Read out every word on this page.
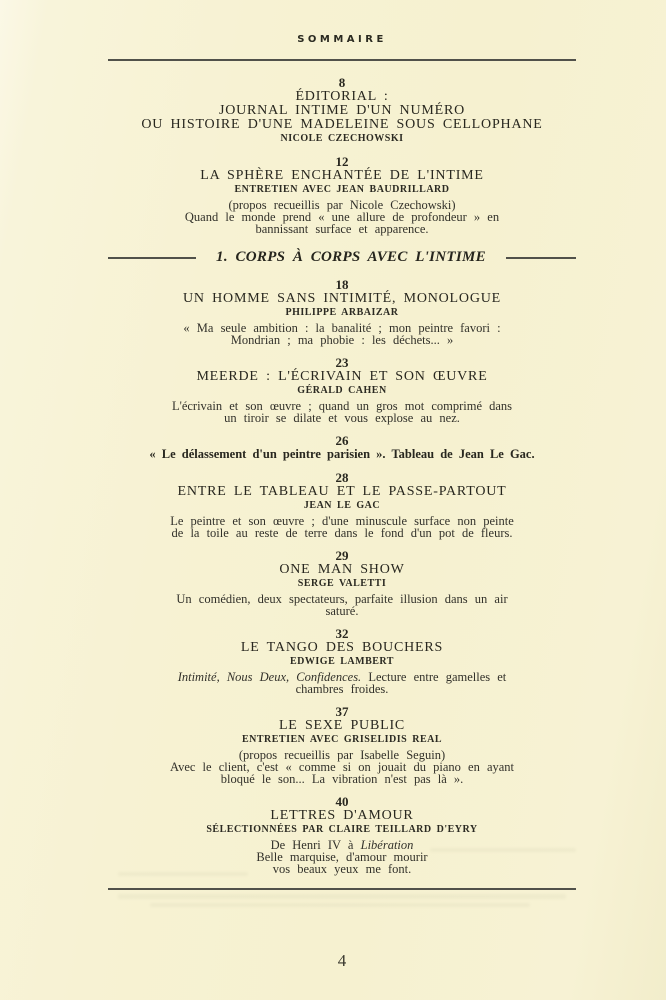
SOMMAIRE
8
ÉDITORIAL :
JOURNAL INTIME D'UN NUMÉRO
OU HISTOIRE D'UNE MADELEINE SOUS CELLOPHANE
NICOLE CZECHOWSKI
12
LA SPHÈRE ENCHANTÉE DE L'INTIME
ENTRETIEN AVEC JEAN BAUDRILLARD
(propos recueillis par Nicole Czechowski)
Quand le monde prend « une allure de profondeur » en
bannissant surface et apparence.
1. CORPS À CORPS AVEC L'INTIME
18
UN HOMME SANS INTIMITÉ, MONOLOGUE
PHILIPPE ARBAIZAR
« Ma seule ambition : la banalité ; mon peintre favori :
Mondrian ; ma phobie : les déchets... »
23
MEERDE : L'ÉCRIVAIN ET SON ŒUVRE
GÉRALD CAHEN
L'écrivain et son œuvre ; quand un gros mot comprimé dans
un tiroir se dilate et vous explose au nez.
26
« Le délassement d'un peintre parisien ». Tableau de Jean Le Gac.
28
ENTRE LE TABLEAU ET LE PASSE-PARTOUT
JEAN LE GAC
Le peintre et son œuvre ; d'une minuscule surface non peinte
de la toile au reste de terre dans le fond d'un pot de fleurs.
29
ONE MAN SHOW
SERGE VALETTI
Un comédien, deux spectateurs, parfaite illusion dans un air
saturé.
32
LE TANGO DES BOUCHERS
EDWIGE LAMBERT
Intimité, Nous Deux, Confidences. Lecture entre gamelles et
chambres froides.
37
LE SEXE PUBLIC
ENTRETIEN AVEC GRISELIDIS REAL
(propos recueillis par Isabelle Seguin)
Avec le client, c'est « comme si on jouait du piano en ayant
bloqué le son... La vibration n'est pas là ».
40
LETTRES D'AMOUR
SÉLECTIONNÉES PAR CLAIRE TEILLARD D'EYRY
De Henri IV à Libération
Belle marquise, d'amour mourir
vos beaux yeux me font.
4
